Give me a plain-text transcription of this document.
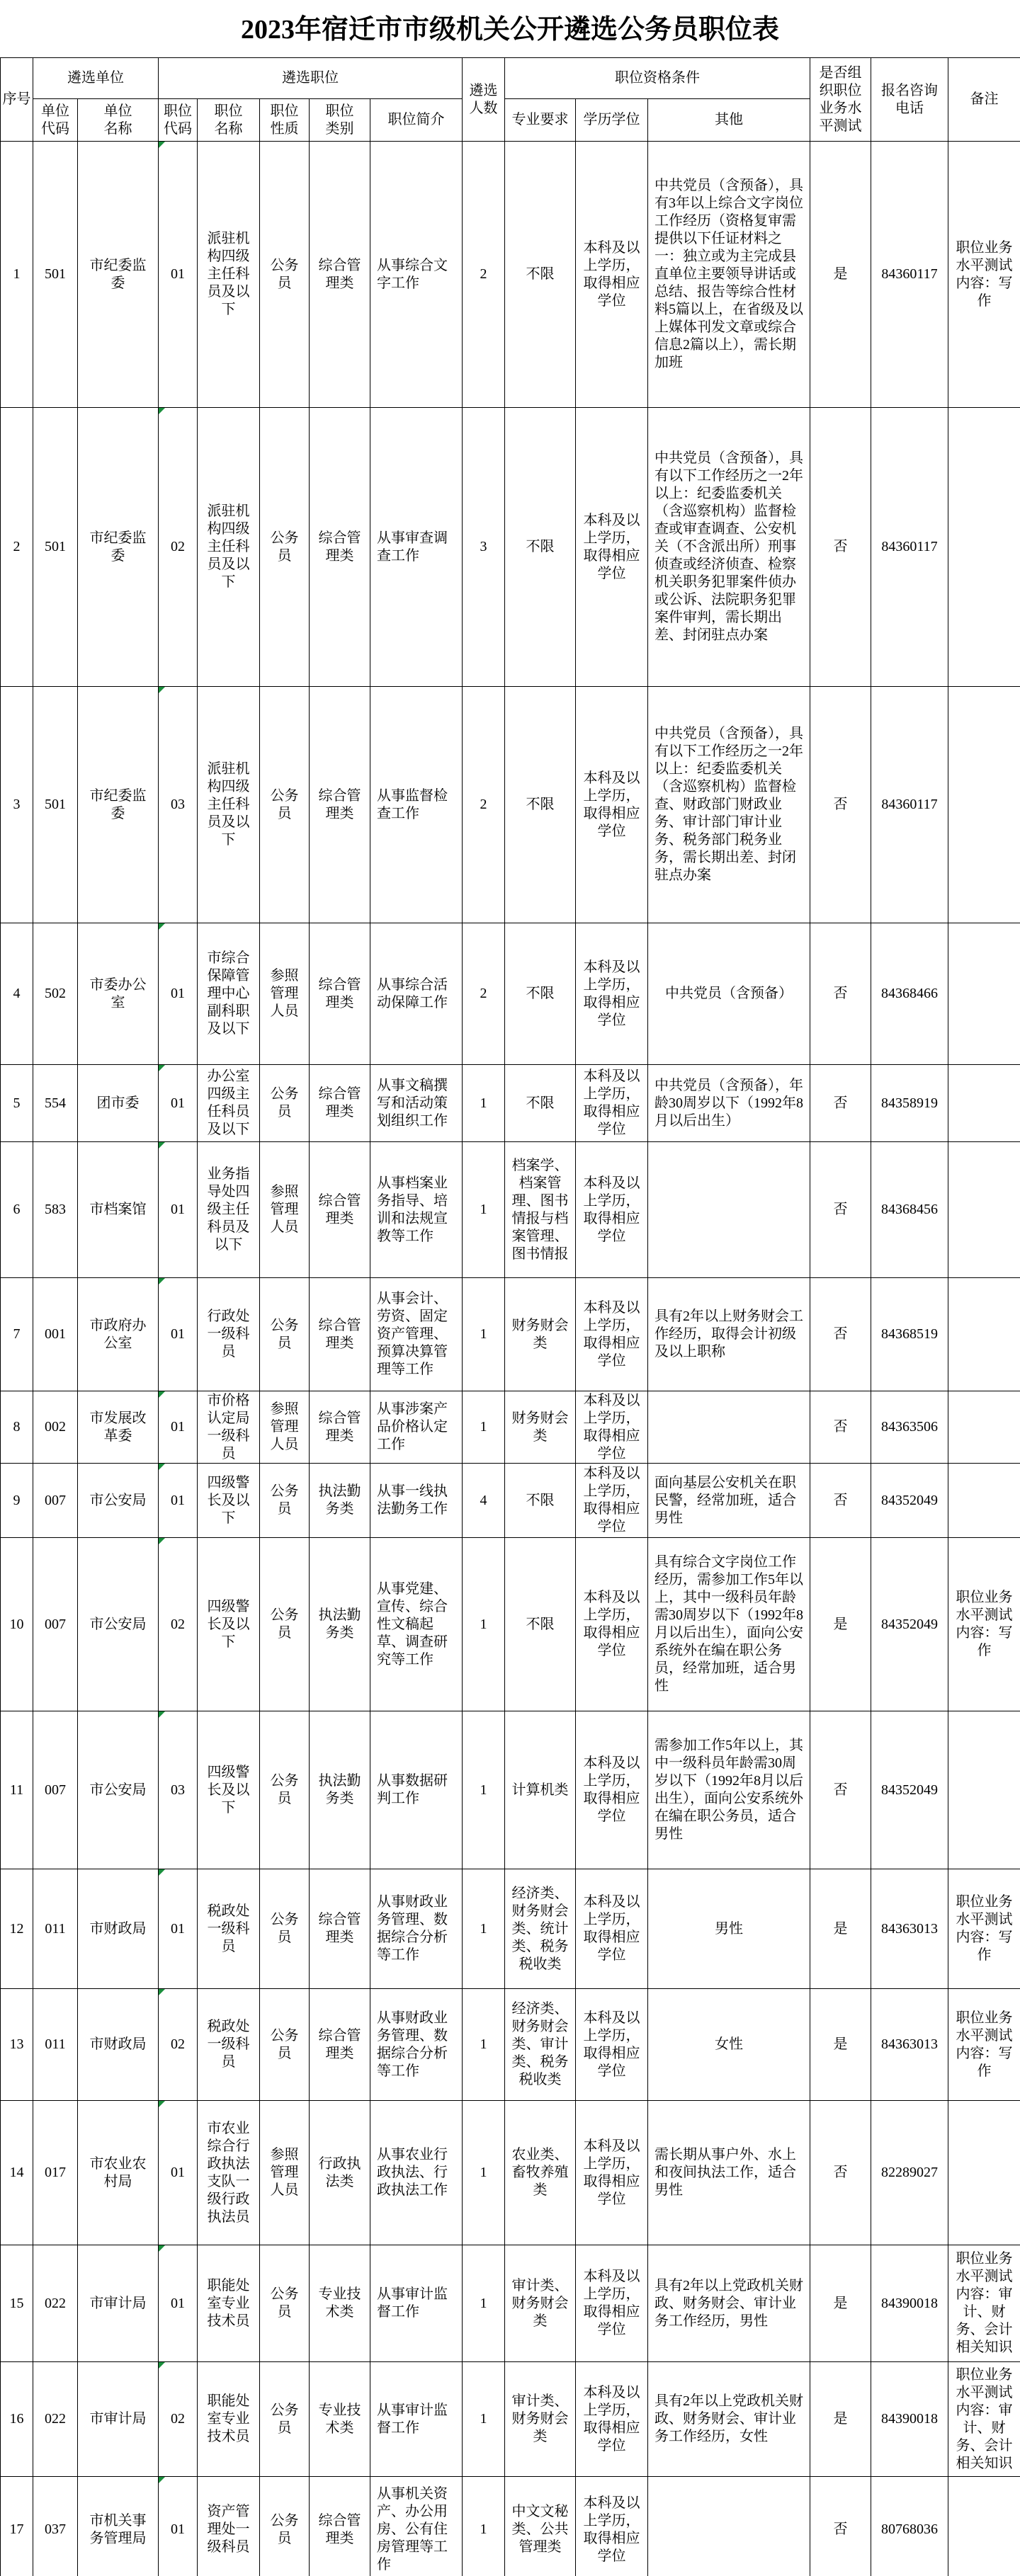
2023年宿迁市市级机关公开遴选公务员职位表
序号	遴选单位		遴选职位					遴选人数	职位资格条件			是否组织职位业务水平测试	报名咨询电话	备注
	单位代码	单位名称	职位代码	职位名称	职位性质	职位类别	职位简介		专业要求	学历学位	其他			

1	501	市纪委监委	01	派驻机构四级主任科员及以下	公务员	综合管理类	从事综合文字工作	2	不限	本科及以上学历，取得相应学位	中共党员（含预备），具有3年以上综合文字岗位工作经历（资格复审需提供以下任证材料之一：独立或为主完成县直单位主要领导讲话或总结、报告等综合性材料5篇以上，在省级及以上媒体刊发文章或综合信息2篇以上），需长期加班	是	84360117	职位业务水平测试内容：写作

2	501	市纪委监委	02	派驻机构四级主任科员及以下	公务员	综合管理类	从事审查调查工作	3	不限	本科及以上学历，取得相应学位	中共党员（含预备），具有以下工作经历之一2年以上：纪委监委机关（含巡察机构）监督检查或审查调查、公安机关（不含派出所）刑事侦查或经济侦查、检察机关职务犯罪案件侦办或公诉、法院职务犯罪案件审判，需长期出差、封闭驻点办案	否	84360117	

3	501	市纪委监委	03	派驻机构四级主任科员及以下	公务员	综合管理类	从事监督检查工作	2	不限	本科及以上学历，取得相应学位	中共党员（含预备），具有以下工作经历之一2年以上：纪委监委机关（含巡察机构）监督检查、财政部门财政业务、审计部门审计业务、税务部门税务业务，需长期出差、封闭驻点办案	否	84360117	

4	502	市委办公室	01	市综合保障管理中心副科职及以下	参照管理人员	综合管理类	从事综合活动保障工作	2	不限	本科及以上学历，取得相应学位	中共党员（含预备）	否	84368466	

5	554	团市委	01	办公室四级主任科员及以下	公务员	综合管理类	从事文稿撰写和活动策划组织工作	1	不限	本科及以上学历，取得相应学位	中共党员（含预备），年龄30周岁以下（1992年8月以后出生）	否	84358919	

6	583	市档案馆	01	业务指导处四级主任科员及以下	参照管理人员	综合管理类	从事档案业务指导、培训和法规宣教等工作	1	档案学、档案管理、图书情报与档案管理、图书情报	本科及以上学历，取得相应学位		否	84368456	

7	001	市政府办公室	01	行政处一级科员	公务员	综合管理类	从事会计、劳资、固定资产管理、预算决算管理等工作	1	财务财会类	本科及以上学历，取得相应学位	具有2年以上财务财会工作经历，取得会计初级及以上职称	否	84368519	

8	002	市发展改革委	01	市价格认定局一级科员	参照管理人员	综合管理类	从事涉案产品价格认定工作	1	财务财会类	本科及以上学历，取得相应学位		否	84363506	

9	007	市公安局	01	四级警长及以下	公务员	执法勤务类	从事一线执法勤务工作	4	不限	本科及以上学历，取得相应学位	面向基层公安机关在职民警，经常加班，适合男性	否	84352049	

10	007	市公安局	02	四级警长及以下	公务员	执法勤务类	从事党建、宣传、综合性文稿起草、调查研究等工作	1	不限	本科及以上学历，取得相应学位	具有综合文字岗位工作经历，需参加工作5年以上，其中一级科员年龄需30周岁以下（1992年8月以后出生），面向公安系统外在编在职公务员，经常加班，适合男性	是	84352049	职位业务水平测试内容：写作

11	007	市公安局	03	四级警长及以下	公务员	执法勤务类	从事数据研判工作	1	计算机类	本科及以上学历，取得相应学位	需参加工作5年以上，其中一级科员年龄需30周岁以下（1992年8月以后出生），面向公安系统外在编在职公务员，适合男性	否	84352049	

12	011	市财政局	01	税政处一级科员	公务员	综合管理类	从事财政业务管理、数据综合分析等工作	1	经济类、财务财会类、统计类、税务税收类	本科及以上学历，取得相应学位	男性	是	84363013	职位业务水平测试内容：写作

13	011	市财政局	02	税政处一级科员	公务员	综合管理类	从事财政业务管理、数据综合分析等工作	1	经济类、财务财会类、审计类、税务税收类	本科及以上学历，取得相应学位	女性	是	84363013	职位业务水平测试内容：写作

14	017	市农业农村局	01	市农业综合行政执法支队一级行政执法员	参照管理人员	行政执法类	从事农业行政执法、行政执法工作	1	农业类、畜牧养殖类	本科及以上学历，取得相应学位	需长期从事户外、水上和夜间执法工作，适合男性	否	82289027	

15	022	市审计局	01	职能处室专业技术员	公务员	专业技术类	从事审计监督工作	1	审计类、财务财会类	本科及以上学历，取得相应学位	具有2年以上党政机关财政、财务财会、审计业务工作经历，男性	是	84390018	职位业务水平测试内容：审计、财务、会计相关知识

16	022	市审计局	02	职能处室专业技术员	公务员	专业技术类	从事审计监督工作	1	审计类、财务财会类	本科及以上学历，取得相应学位	具有2年以上党政机关财政、财务财会、审计业务工作经历，女性	是	84390018	职位业务水平测试内容：审计、财务、会计相关知识

17	037	市机关事务管理局	01	资产管理处一级科员	公务员	综合管理类	从事机关资产、办公用房、公有住房管理等工作	1	中文文秘类、公共管理类	本科及以上学历，取得相应学位		否	80768036	
